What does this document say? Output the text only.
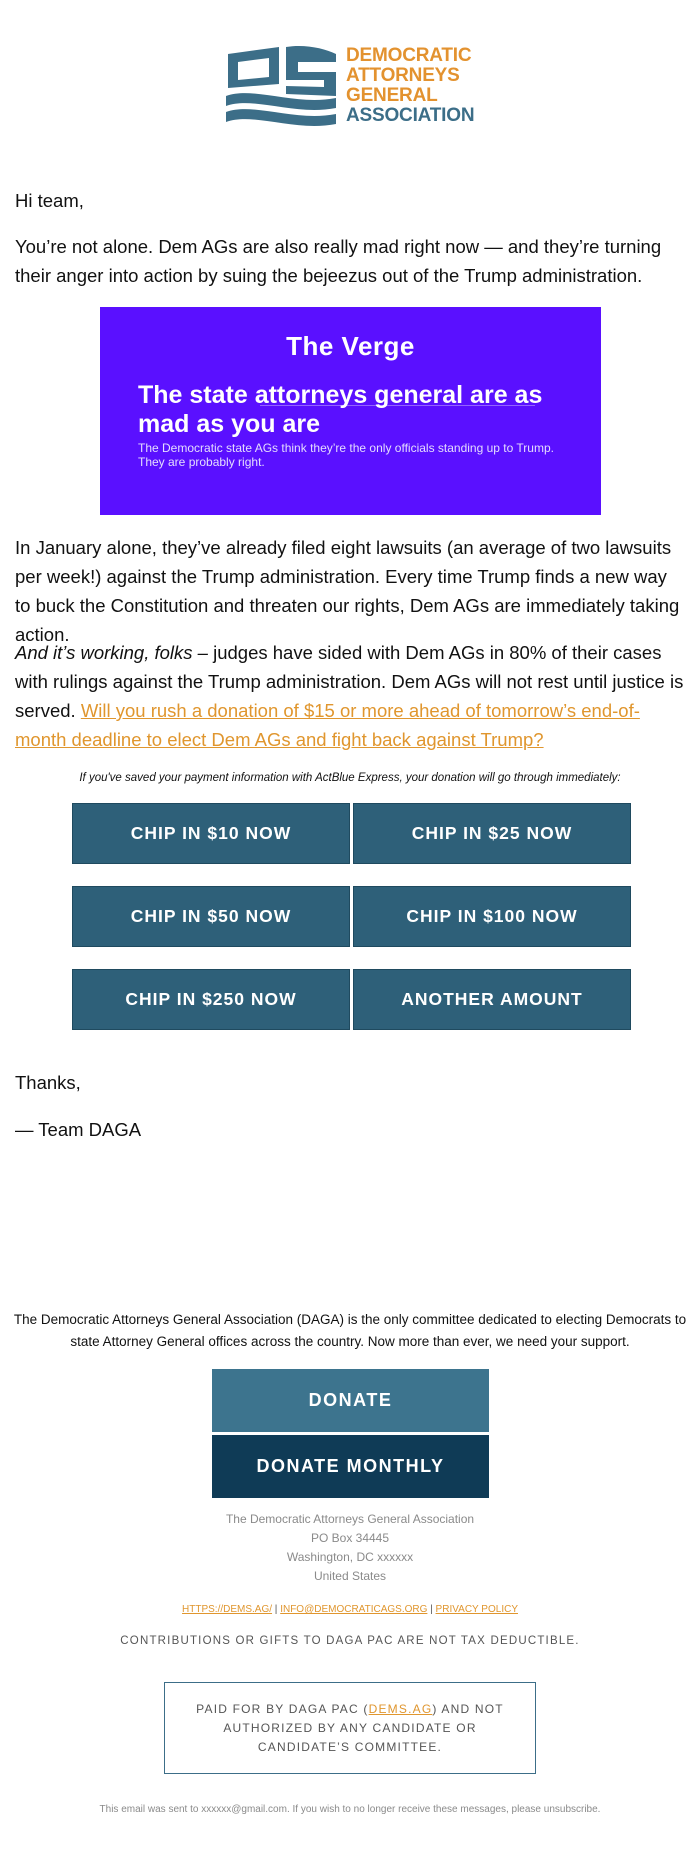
DEMOCRATIC
ATTORNEYS
GENERAL
ASSOCIATION
Hi team,
You’re not alone. Dem AGs are also really mad right now — and they’re turning their anger into action by suing the bejeezus out of the Trump administration.
The Verge
The state attorneys general are as mad as you are
The Democratic state AGs think they’re the only officials standing up to Trump. They are probably right.
In January alone, they’ve already filed eight lawsuits (an average of two lawsuits per week!) against the Trump administration. Every time Trump finds a new way to buck the Constitution and threaten our rights, Dem AGs are immediately taking action.
And it’s working, folks – judges have sided with Dem AGs in 80% of their cases with rulings against the Trump administration. Dem AGs will not rest until justice is served. Will you rush a donation of $15 or more ahead of tomorrow’s end-of-month deadline to elect Dem AGs and fight back against Trump?
If you've saved your payment information with ActBlue Express, your donation will go through immediately:
CHIP IN $10 NOW	CHIP IN $25 NOW
CHIP IN $50 NOW	CHIP IN $100 NOW
CHIP IN $250 NOW	ANOTHER AMOUNT
Thanks,
— Team DAGA
The Democratic Attorneys General Association (DAGA) is the only committee dedicated to electing Democrats to state Attorney General offices across the country. Now more than ever, we need your support.
DONATE
DONATE MONTHLY
The Democratic Attorneys General Association
PO Box 34445
Washington, DC xxxxxx
United States
HTTPS://DEMS.AG/ | INFO@DEMOCRATICAGS.ORG | PRIVACY POLICY
CONTRIBUTIONS OR GIFTS TO DAGA PAC ARE NOT TAX DEDUCTIBLE.
PAID FOR BY DAGA PAC (DEMS.AG) AND NOT AUTHORIZED BY ANY CANDIDATE OR CANDIDATE’S COMMITTEE.
This email was sent to xxxxxx@gmail.com. If you wish to no longer receive these messages, please unsubscribe.
